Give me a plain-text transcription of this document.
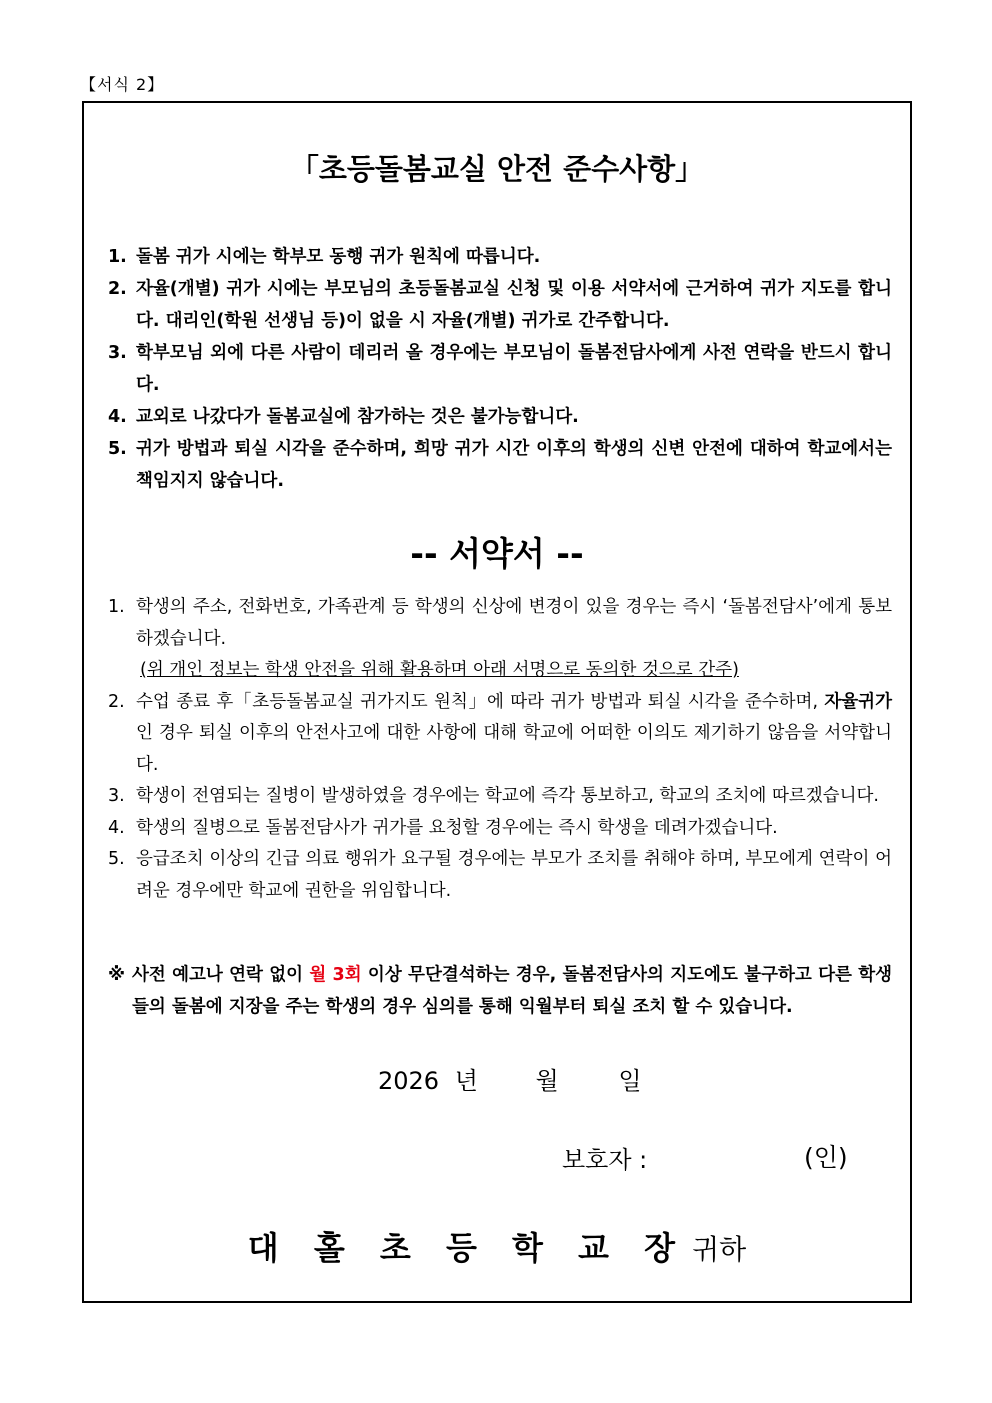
【서식 2】
「초등돌봄교실 안전 준수사항」
1. 돌봄 귀가 시에는 학부모 동행 귀가 원칙에 따릅니다.
2. 자율(개별) 귀가 시에는 부모님의 초등돌봄교실 신청 및 이용 서약서에 근거하여 귀가 지도를 합니다. 대리인(학원 선생님 등)이 없을 시 자율(개별) 귀가로 간주합니다.
3. 학부모님 외에 다른 사람이 데리러 올 경우에는 부모님이 돌봄전담사에게 사전 연락을 반드시 합니다.
4. 교외로 나갔다가 돌봄교실에 참가하는 것은 불가능합니다.
5. 귀가 방법과 퇴실 시각을 준수하며, 희망 귀가 시간 이후의 학생의 신변 안전에 대하여 학교에서는 책임지지 않습니다.
-- 서약서 --
1. 학생의 주소, 전화번호, 가족관계 등 학생의 신상에 변경이 있을 경우는 즉시 ‘돌봄전담사’에게 통보하겠습니다.
(위 개인 정보는 학생 안전을 위해 활용하며 아래 서명으로 동의한 것으로 간주)
2. 수업 종료 후「초등돌봄교실 귀가지도 원칙」에 따라 귀가 방법과 퇴실 시각을 준수하며, 자율귀가인 경우 퇴실 이후의 안전사고에 대한 사항에 대해 학교에 어떠한 이의도 제기하기 않음을 서약합니다.
3. 학생이 전염되는 질병이 발생하였을 경우에는 학교에 즉각 통보하고, 학교의 조치에 따르겠습니다.
4. 학생의 질병으로 돌봄전담사가 귀가를 요청할 경우에는 즉시 학생을 데려가겠습니다.
5. 응급조치 이상의 긴급 의료 행위가 요구될 경우에는 부모가 조치를 취해야 하며, 부모에게 연락이 어려운 경우에만 학교에 권한을 위임합니다.
※ 사전 예고나 연락 없이 월 3회 이상 무단결석하는 경우, 돌봄전담사의 지도에도 불구하고 다른 학생들의 돌봄에 지장을 주는 학생의 경우 심의를 통해 익월부터 퇴실 조치 할 수 있습니다.
2026 년 월 일
보호자 :	(인)
대 홀 초 등 학 교 장 귀하
